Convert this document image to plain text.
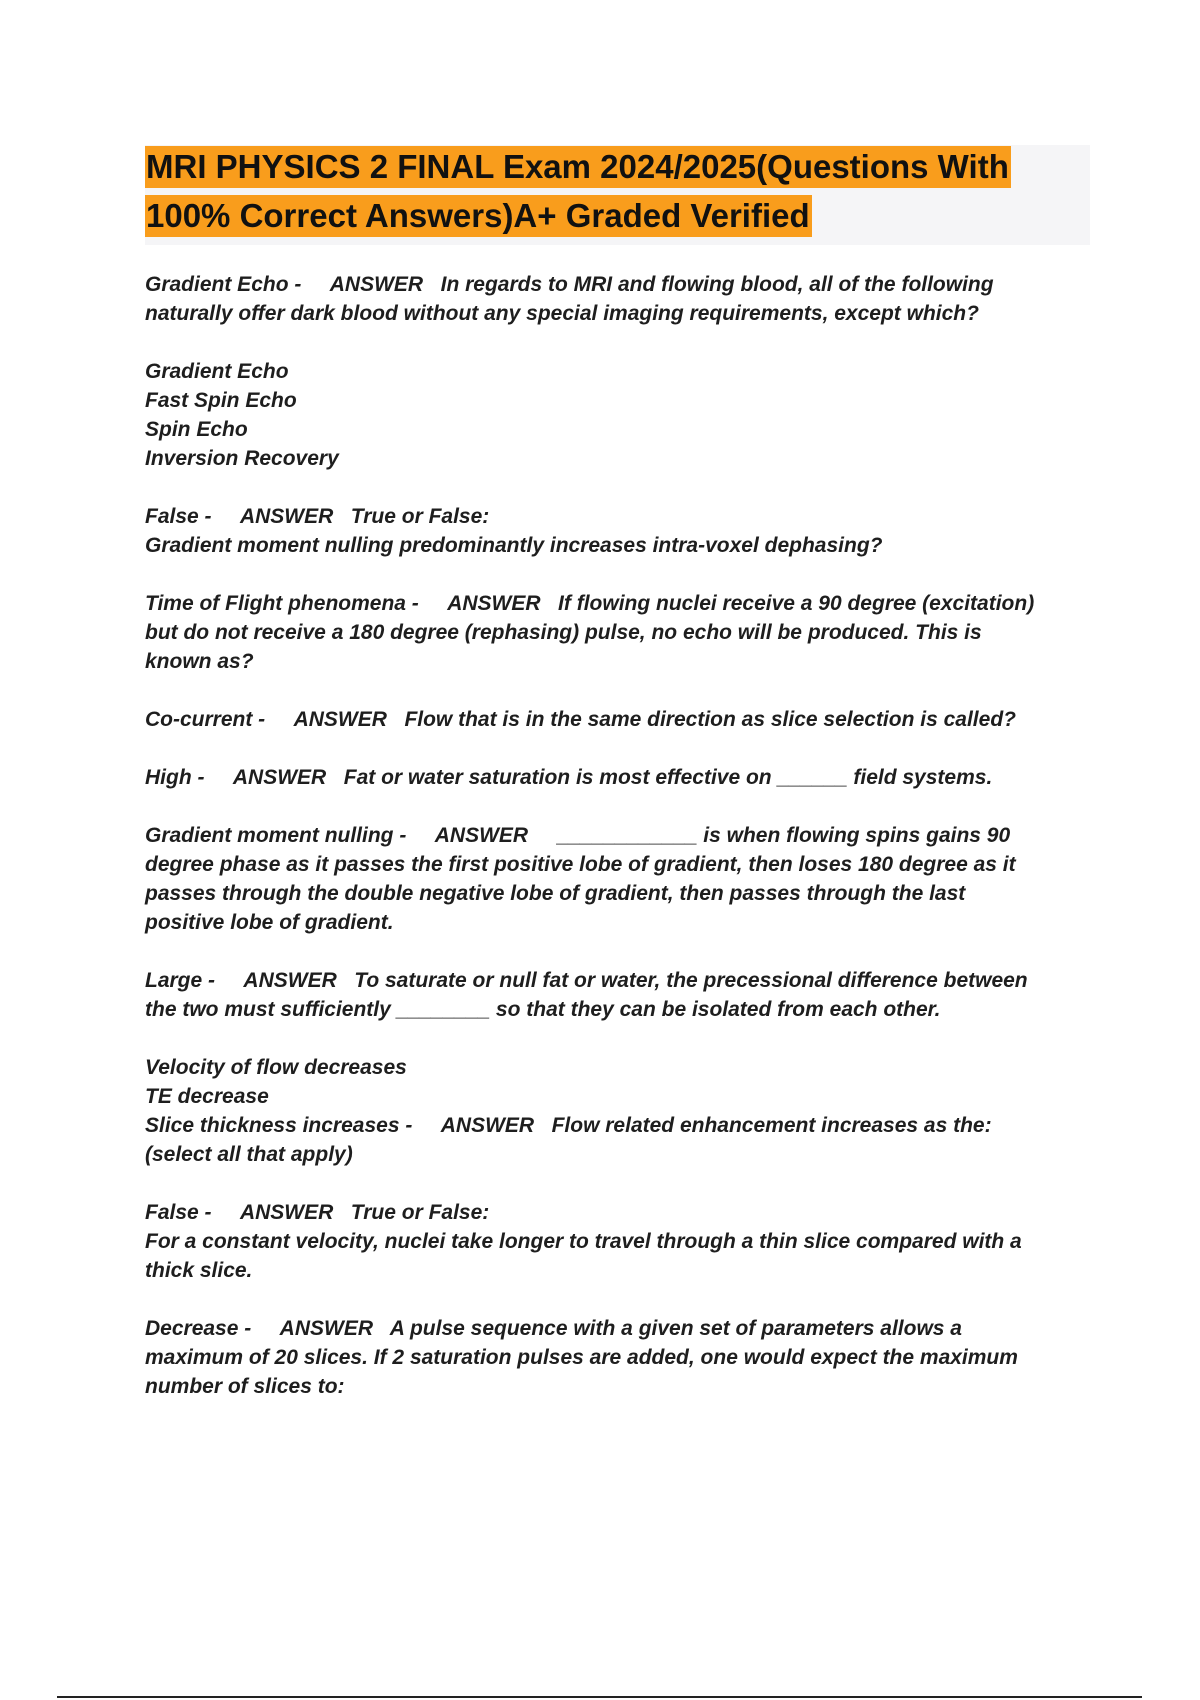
MRI PHYSICS 2 FINAL Exam 2024/2025(Questions With
100% Correct Answers)A+ Graded Verified
Gradient Echo - ANSWER In regards to MRI and flowing blood, all of the following
naturally offer dark blood without any special imaging requirements, except which?

Gradient Echo
Fast Spin Echo
Spin Echo
Inversion Recovery
False - ANSWER True or False:
Gradient moment nulling predominantly increases intra-voxel dephasing?
Time of Flight phenomena - ANSWER If flowing nuclei receive a 90 degree (excitation)
but do not receive a 180 degree (rephasing) pulse, no echo will be produced. This is
known as?
Co-current - ANSWER Flow that is in the same direction as slice selection is called?
High - ANSWER Fat or water saturation is most effective on ______ field systems.
Gradient moment nulling - ANSWER ____________ is when flowing spins gains 90
degree phase as it passes the first positive lobe of gradient, then loses 180 degree as it
passes through the double negative lobe of gradient, then passes through the last
positive lobe of gradient.
Large - ANSWER To saturate or null fat or water, the precessional difference between
the two must sufficiently ________ so that they can be isolated from each other.
Velocity of flow decreases
TE decrease
Slice thickness increases - ANSWER Flow related enhancement increases as the:
(select all that apply)
False - ANSWER True or False:
For a constant velocity, nuclei take longer to travel through a thin slice compared with a
thick slice.
Decrease - ANSWER A pulse sequence with a given set of parameters allows a
maximum of 20 slices. If 2 saturation pulses are added, one would expect the maximum
number of slices to:
